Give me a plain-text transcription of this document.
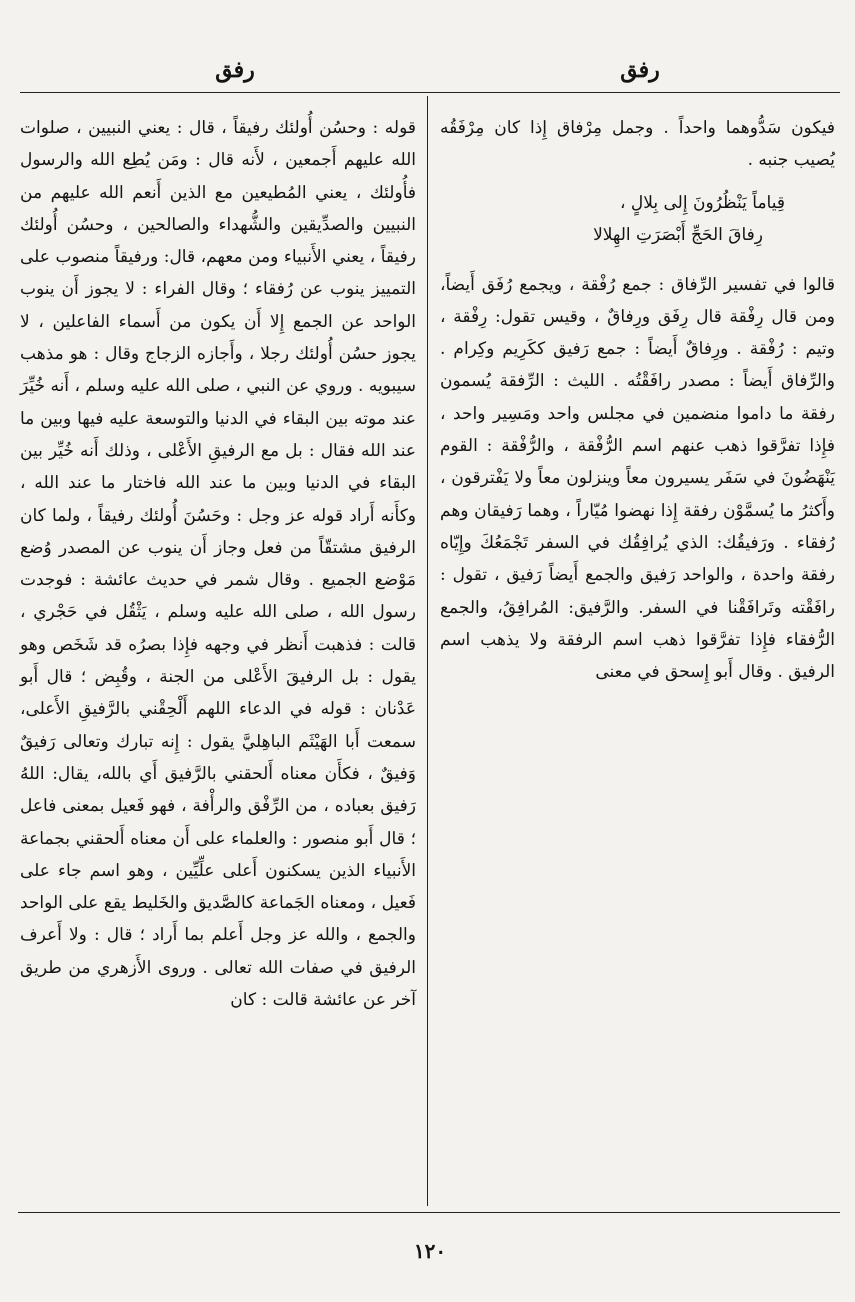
رفق
رفق

فيكون سَدُّوهما واحداً . وجمل مِرْفاق إِذا كان مِرْفَقُه يُصيب جنبه .

قِياماً يَنْظُرُونَ إِلى بِلالٍ ،
رِفاقَ الحَجِّ أَبْصَرَتِ الهِلالا

قالوا في تفسير الرِّفاق : جمع رُفْقة ، ويجمع رُفَق أَيضاً، ومن قال رِفْقة قال رِفَق ورِفاقٌ ، وقيس تقول: رِفْقة ، وتيم : رُفْقة . ورِفاقٌ أَيضاً : جمع رَفيق ككَرِيم وكِرام . والرِّفاق أَيضاً : مصدر رافَقْتُه . الليث : الرِّفقة يُسمون رفقة ما داموا منضمين في مجلس واحد ومَسِير واحد ، فإِذا تفرَّقوا ذهب عنهم اسم الرُّفْقة ، والرُّفْقة : القوم يَنْهَضُونَ في سَفَر يسيرون معاً وينزلون معاً ولا يَفْترقون ، وأَكثرُ ما يُسمَّوْن رفقة إِذا نهضوا مُيّاراً ، وهما رَفيقان وهم رُفقاء . ورَفيقُك: الذي يُرافِقُك في السفر تَجْمَعُكَ وإِيّاه رفقة واحدة ، والواحد رَفيق والجمع أَيضاً رَفيق ، تقول : رافَقْته وتَرافَقْنا في السفر. والرَّفيق: المُرافِقُ، والجمع الرُّفقاء فإِذا تفرَّقوا ذهب اسم الرفقة ولا يذهب اسم الرفيق . وقال أَبو إِسحق في معنى

قوله : وحسُن أُولئك رفيقاً ، قال : يعني النبيين ، صلوات الله عليهم أَجمعين ، لأَنه قال : ومَن يُطِع الله والرسول فأُولئك ، يعني المُطيعين مع الذين أَنعم الله عليهم من النبيين والصدِّيقين والشُّهداء والصالحين ، وحسُن أُولئك رفيقاً ، يعني الأَنبياء ومن معهم، قال: ورفيقاً منصوب على التمييز ينوب عن رُفقاء ؛ وقال الفراء : لا يجوز أَن ينوب الواحد عن الجمع إِلا أَن يكون من أَسماء الفاعلين ، لا يجوز حسُن أُولئك رجلا ، وأَجازه الزجاج وقال : هو مذهب سيبويه . وروي عن النبي ، صلى الله عليه وسلم ، أَنه خُيِّرَ عند موته بين البقاء في الدنيا والتوسعة عليه فيها وبين ما عند الله فقال : بل مع الرفيقِ الأَعْلى ، وذلك أَنه خُيِّر بين البقاء في الدنيا وبين ما عند الله فاختار ما عند الله ، وكأَنه أَراد قوله عز وجل : وحَسُنَ أُولئك رفيقاً ، ولما كان الرفيق مشتقّاً من فعل وجاز أَن ينوب عن المصدر وُضع مَوْضع الجميع . وقال شمر في حديث عائشة : فوجدت رسول الله ، صلى الله عليه وسلم ، يَثْقُل في حَجْري ، قالت : فذهبت أَنظر في وجهه فإِذا بصرُه قد شَخَص وهو يقول : بل الرفيقَ الأَعْلى من الجنة ، وقُبِض ؛ قال أَبو عَدْنان : قوله في الدعاء اللهم أَلْحِقْني بالرَّفيقِ الأَعلى، سمعت أَبا الهَيْثَم الباهِليَّ يقول : إِنه تبارك وتعالى رَفيقٌ وَفيقٌ ، فكأَن معناه أَلحقني بالرَّفيق أَي بالله، يقال: اللهُ رَفيق بعباده ، من الرِّفْق والرأْفة ، فهو فَعيل بمعنى فاعل ؛ قال أَبو منصور : والعلماء على أَن معناه أَلحقني بجماعة الأَنبياء الذين يسكنون أَعلى علِّيِّين ، وهو اسم جاء على فَعيل ، ومعناه الجَماعة كالصَّديق والخَليط يقع على الواحد والجمع ، والله عز وجل أَعلم بما أَراد ؛ قال : ولا أَعرف الرفيق في صفات الله تعالى . وروى الأَزهري من طريق آخر عن عائشة قالت : كان

١٢٠
